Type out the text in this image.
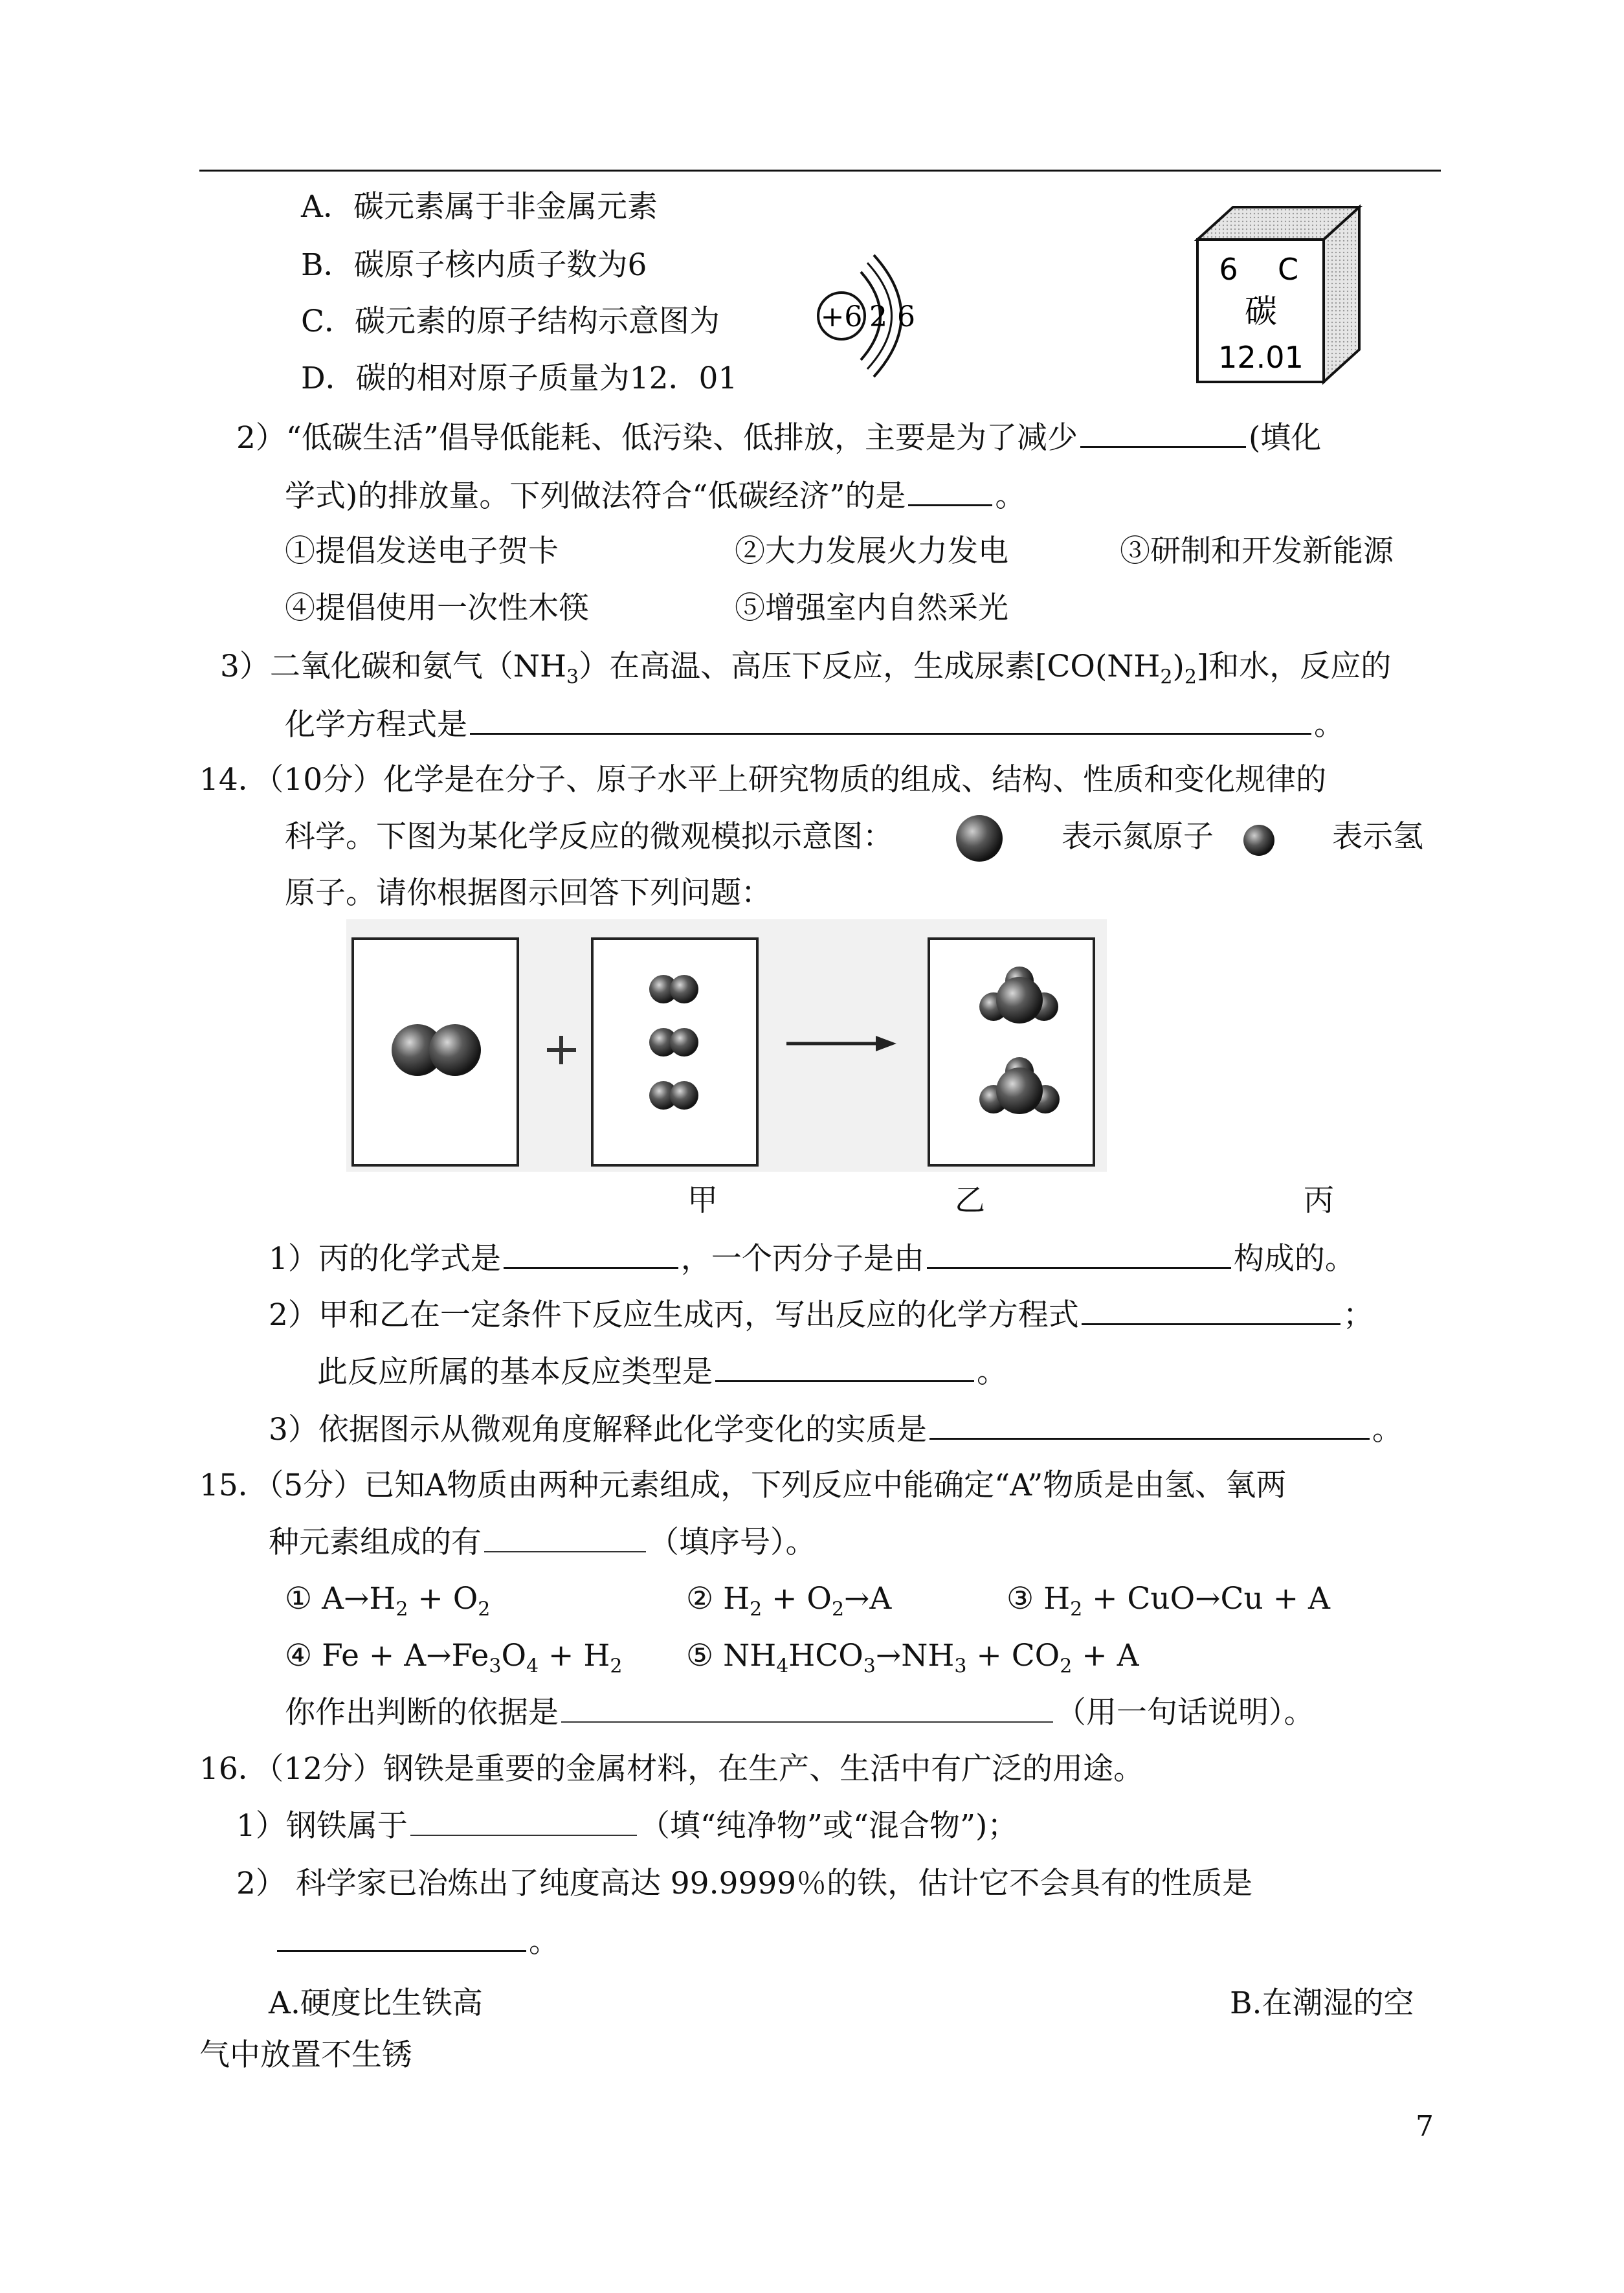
A．碳元素属于非金属元素
B．碳原子核内质子数为6
C．碳元素的原子结构示意图为
D．碳的相对原子质量为12．01
+6 2 6
6 C
碳
12.01
2）“低碳生活”倡导低能耗、低污染、低排放，主要是为了减少	(填化
学式)的排放量。下列做法符合“低碳经济”的是	。
①提倡发送电子贺卡	②大力发展火力发电	③研制和开发新能源
④提倡使用一次性木筷	⑤增强室内自然采光
3）二氧化碳和氨气$(NH_3)$在高温、高压下反应，生成尿素$[CO(NH_2)_2]$和水，反应的
化学方程式是	。
14．（10分）化学是在分子、原子水平上研究物质的组成、结构、性质和变化规律的
科学。下图为某化学反应的微观模拟示意图：	表示氮原子	表示氢
原子。请你根据图示回答下列问题：
甲	乙	丙
1）丙的化学式是	，一个丙分子是由	构成的。
2）甲和乙在一定条件下反应生成丙，写出反应的化学方程式	；
此反应所属的基本反应类型是	。
3）依据图示从微观角度解释此化学变化的实质是	。
15．（5分）已知A物质由两种元素组成，下列反应中能确定“A”物质是由氢、氧两
种元素组成的有	（填序号）。
① $A\to H_2 + O_2$	② $H_2 + O_2\to A$	③ $H_2 + CuO\to Cu + A$
④ $Fe + A\to Fe_3O_4 + H_2$ ⑤ $NH_4HCO_3\to NH_3 + CO_2 + A$
你作出判断的依据是	（用一句话说明）。
16．（12分）钢铁是重要的金属材料，在生产、生活中有广泛的用途。
1）钢铁属于	（填“纯净物”或“混合物”)；
2） 科学家已冶炼出了纯度高达 99.9999％的铁，估计它不会具有的性质是
。
A.硬度比生铁高	B.在潮湿的空
气中放置不生锈
7
